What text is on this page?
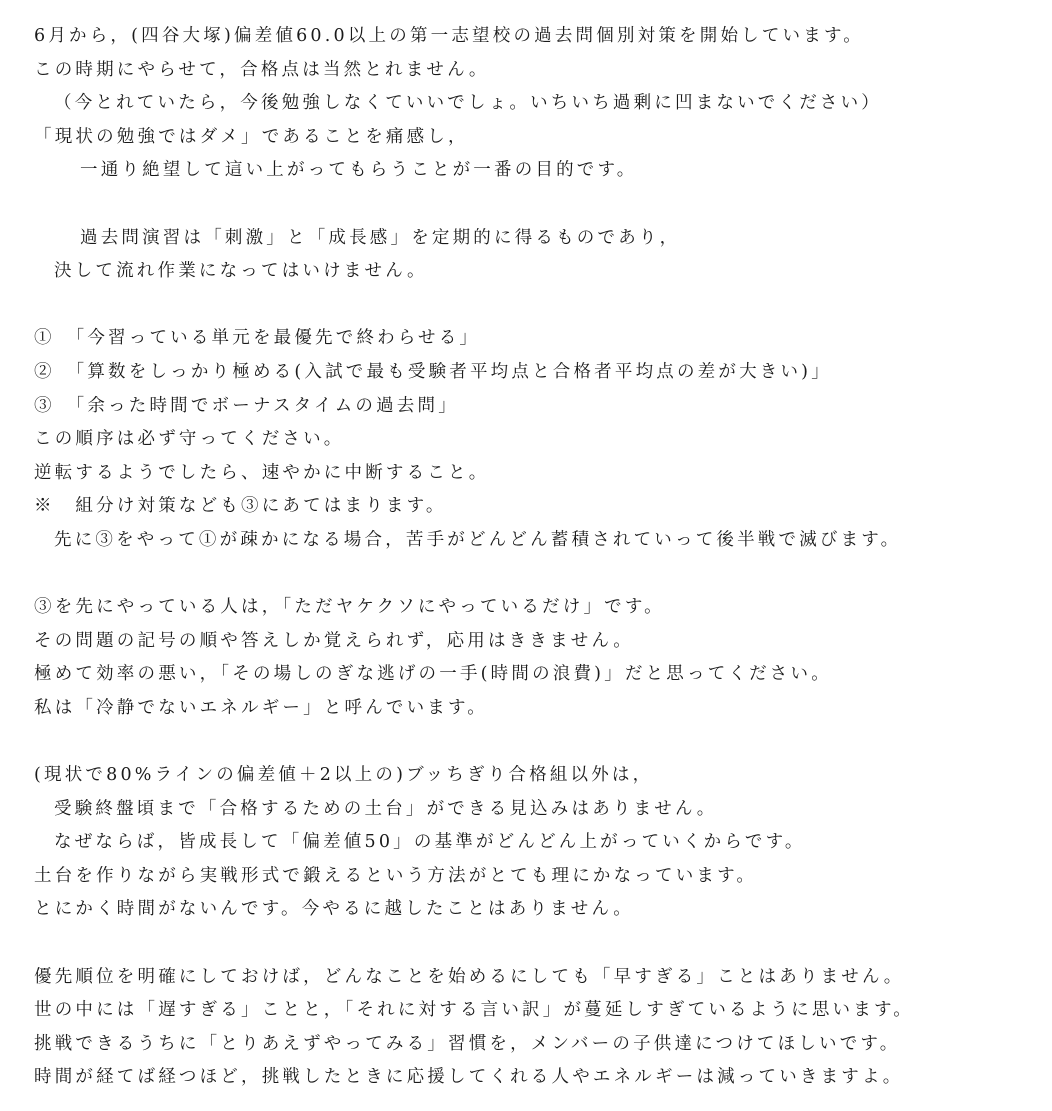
6月から，(四谷大塚)偏差値60.0以上の第一志望校の過去問個別対策を開始しています。
この時期にやらせて，合格点は当然とれません。
（今とれていたら，今後勉強しなくていいでしょ。いちいち過剰に凹まないでください）
「現状の勉強ではダメ」であることを痛感し，
一通り絶望して這い上がってもらうことが一番の目的です。
過去問演習は「刺激」と「成長感」を定期的に得るものであり，
決して流れ作業になってはいけません。
①　「今習っている単元を最優先で終わらせる」
②　「算数をしっかり極める(入試で最も受験者平均点と合格者平均点の差が大きい)」
③　「余った時間でボーナスタイムの過去問」
この順序は必ず守ってください。
逆転するようでしたら、速やかに中断すること。
※　組分け対策なども③にあてはまります。
先に③をやって①が疎かになる場合，苦手がどんどん蓄積されていって後半戦で滅びます。
③を先にやっている人は，「ただヤケクソにやっているだけ」です。
その問題の記号の順や答えしか覚えられず，応用はききません。
極めて効率の悪い，「その場しのぎな逃げの一手(時間の浪費)」だと思ってください。
私は「冷静でないエネルギー」と呼んでいます。
(現状で80%ラインの偏差値＋2以上の)ブッちぎり合格組以外は，
受験終盤頃まで「合格するための土台」ができる見込みはありません。
なぜならば，皆成長して「偏差値50」の基準がどんどん上がっていくからです。
土台を作りながら実戦形式で鍛えるという方法がとても理にかなっています。
とにかく時間がないんです。今やるに越したことはありません。
優先順位を明確にしておけば，どんなことを始めるにしても「早すぎる」ことはありません。
世の中には「遅すぎる」ことと，「それに対する言い訳」が蔓延しすぎているように思います。
挑戦できるうちに「とりあえずやってみる」習慣を，メンバーの子供達につけてほしいです。
時間が経てば経つほど，挑戦したときに応援してくれる人やエネルギーは減っていきますよ。
